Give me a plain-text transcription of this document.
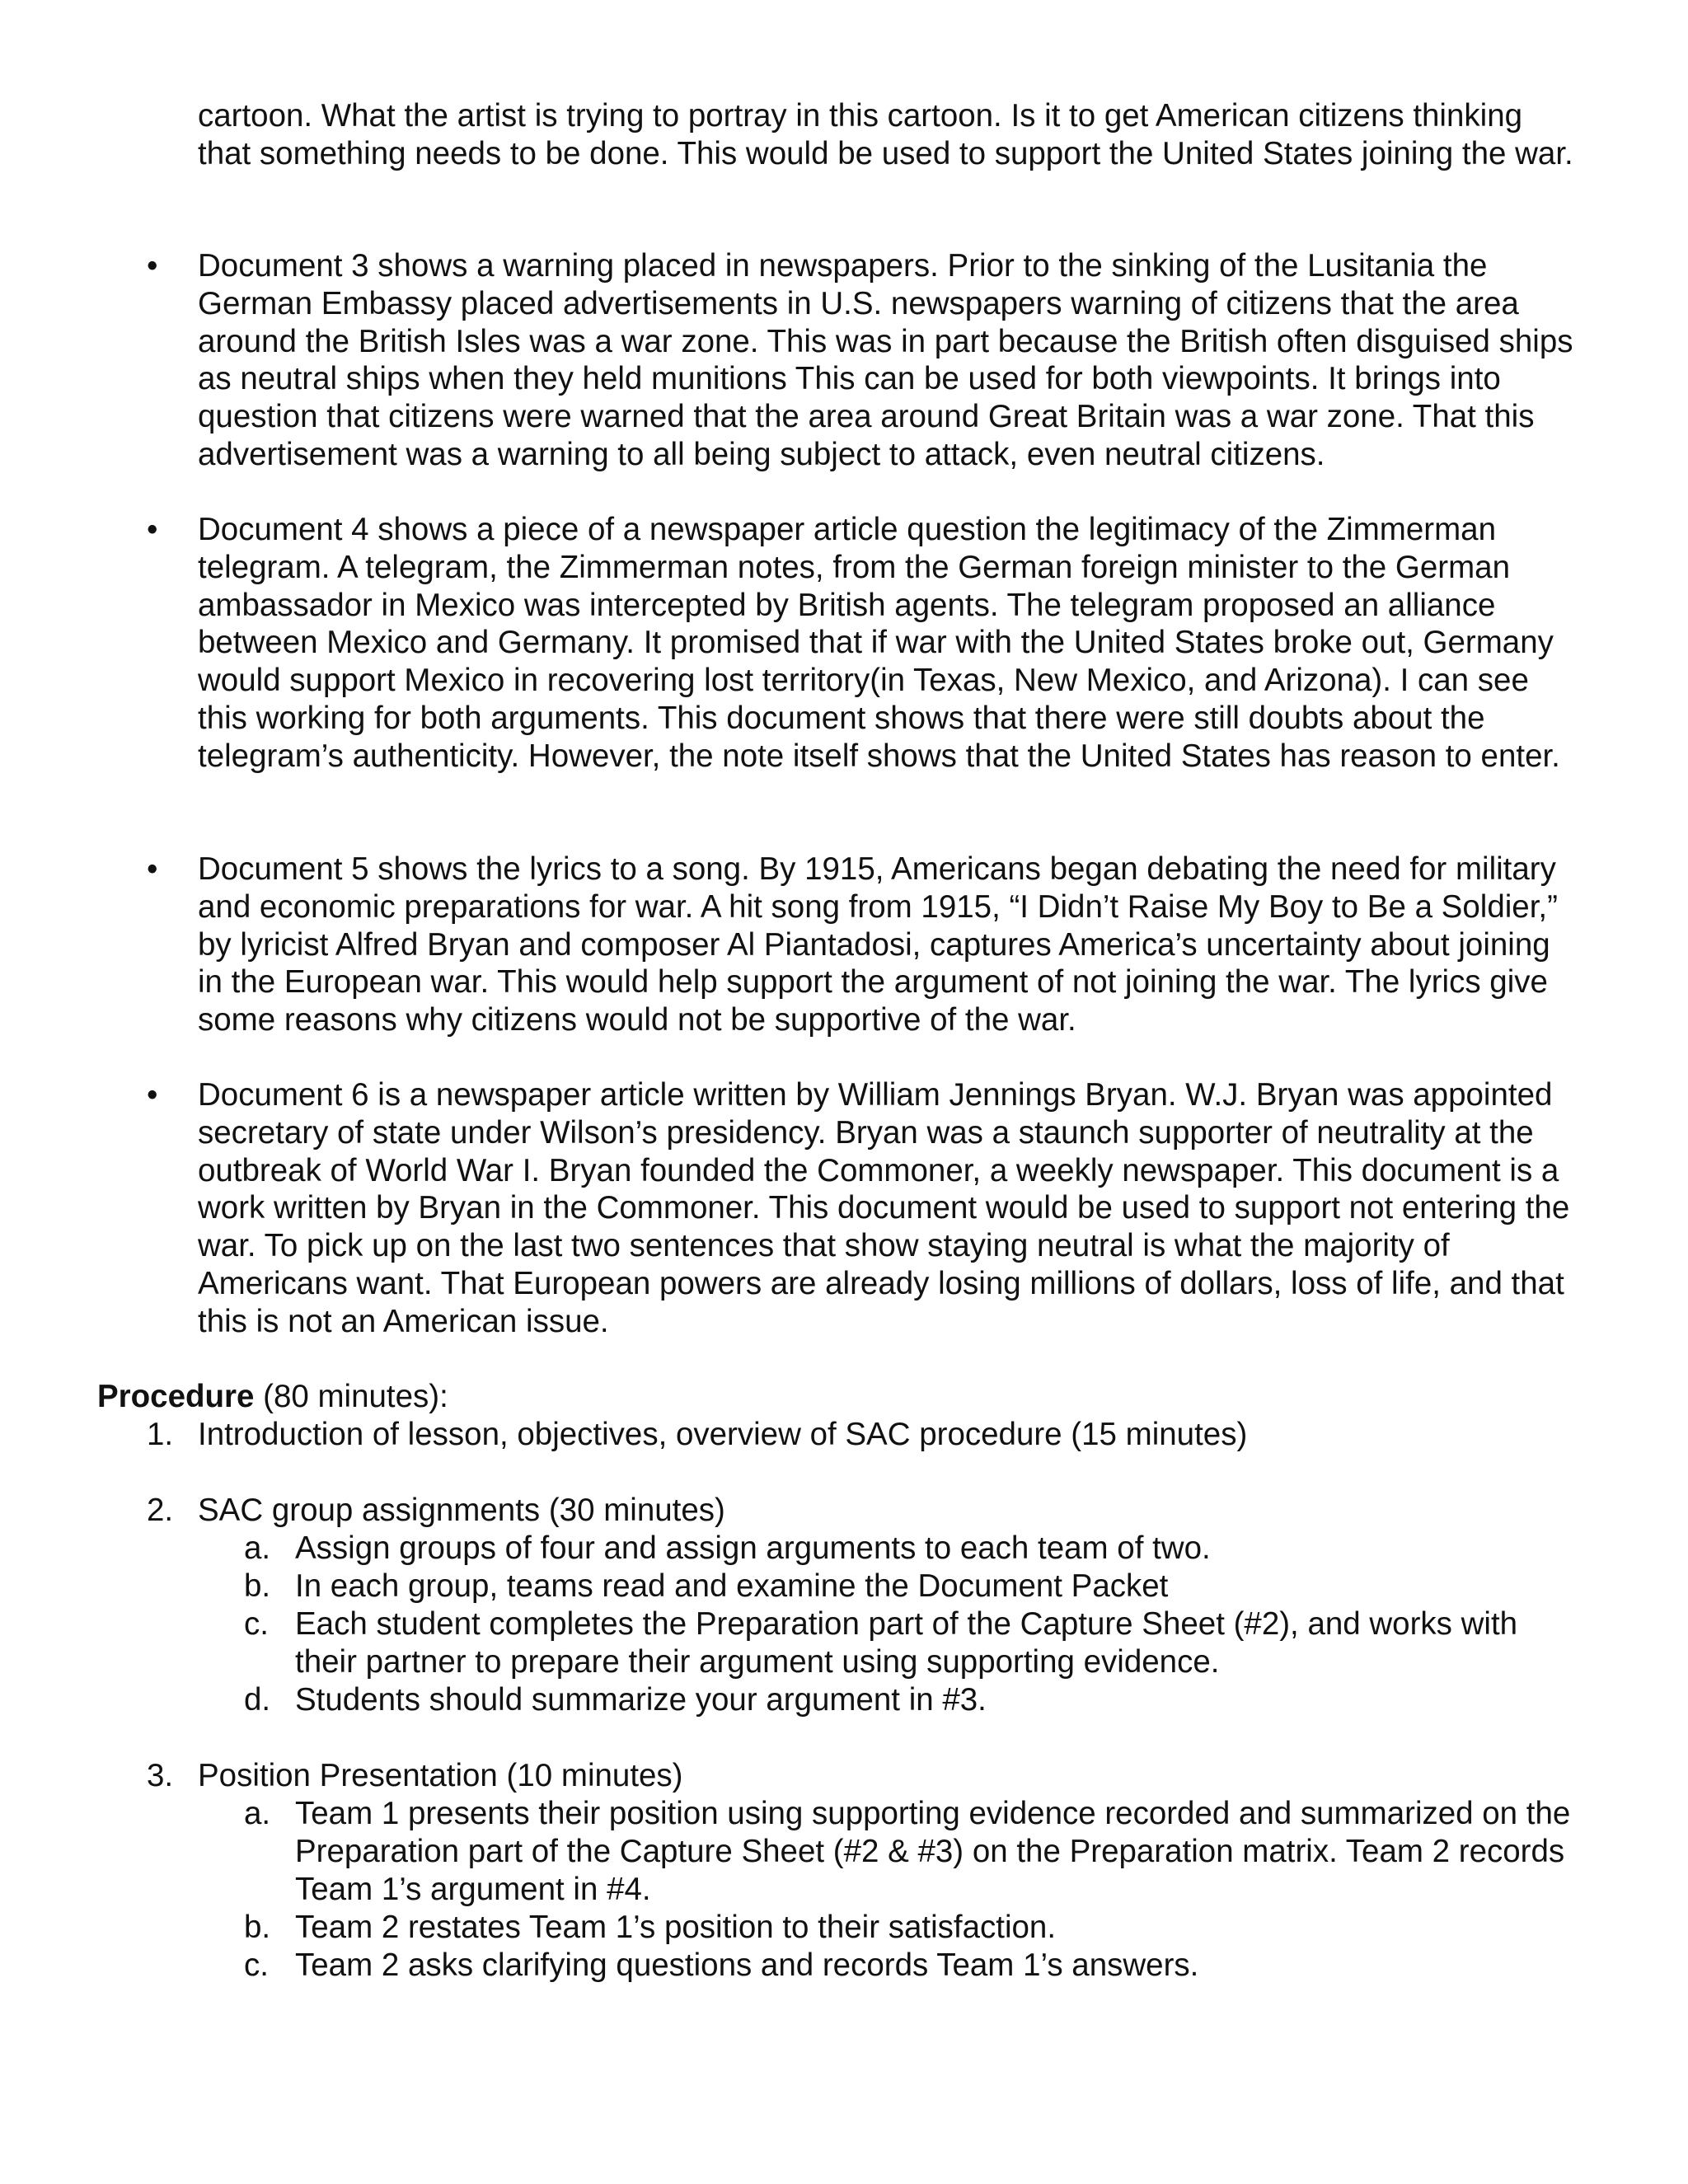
cartoon. What the artist is trying to portray in this cartoon. Is it to get American citizens thinking that something needs to be done. This would be used to support the United States joining the war.
• Document 3 shows a warning placed in newspapers. Prior to the sinking of the Lusitania the German Embassy placed advertisements in U.S. newspapers warning of citizens that the area around the British Isles was a war zone. This was in part because the British often disguised ships as neutral ships when they held munitions This can be used for both viewpoints. It brings into question that citizens were warned that the area around Great Britain was a war zone. That this advertisement was a warning to all being subject to attack, even neutral citizens.
• Document 4 shows a piece of a newspaper article question the legitimacy of the Zimmerman telegram. A telegram, the Zimmerman notes, from the German foreign minister to the German ambassador in Mexico was intercepted by British agents. The telegram proposed an alliance between Mexico and Germany. It promised that if war with the United States broke out, Germany would support Mexico in recovering lost territory(in Texas, New Mexico, and Arizona). I can see this working for both arguments. This document shows that there were still doubts about the telegram’s authenticity. However, the note itself shows that the United States has reason to enter.
• Document 5 shows the lyrics to a song. By 1915, Americans began debating the need for military and economic preparations for war. A hit song from 1915, “I Didn’t Raise My Boy to Be a Soldier,” by lyricist Alfred Bryan and composer Al Piantadosi, captures America’s uncertainty about joining in the European war. This would help support the argument of not joining the war. The lyrics give some reasons why citizens would not be supportive of the war.
• Document 6 is a newspaper article written by William Jennings Bryan. W.J. Bryan was appointed secretary of state under Wilson’s presidency. Bryan was a staunch supporter of neutrality at the outbreak of World War I. Bryan founded the Commoner, a weekly newspaper. This document is a work written by Bryan in the Commoner. This document would be used to support not entering the war. To pick up on the last two sentences that show staying neutral is what the majority of Americans want. That European powers are already losing millions of dollars, loss of life, and that this is not an American issue.
Procedure (80 minutes):
1. Introduction of lesson, objectives, overview of SAC procedure (15 minutes)
2. SAC group assignments (30 minutes)
a. Assign groups of four and assign arguments to each team of two.
b. In each group, teams read and examine the Document Packet
c. Each student completes the Preparation part of the Capture Sheet (#2), and works with their partner to prepare their argument using supporting evidence.
d. Students should summarize your argument in #3.
3. Position Presentation (10 minutes)
a. Team 1 presents their position using supporting evidence recorded and summarized on the Preparation part of the Capture Sheet (#2 & #3) on the Preparation matrix. Team 2 records Team 1’s argument in #4.
b. Team 2 restates Team 1’s position to their satisfaction.
c. Team 2 asks clarifying questions and records Team 1’s answers.
